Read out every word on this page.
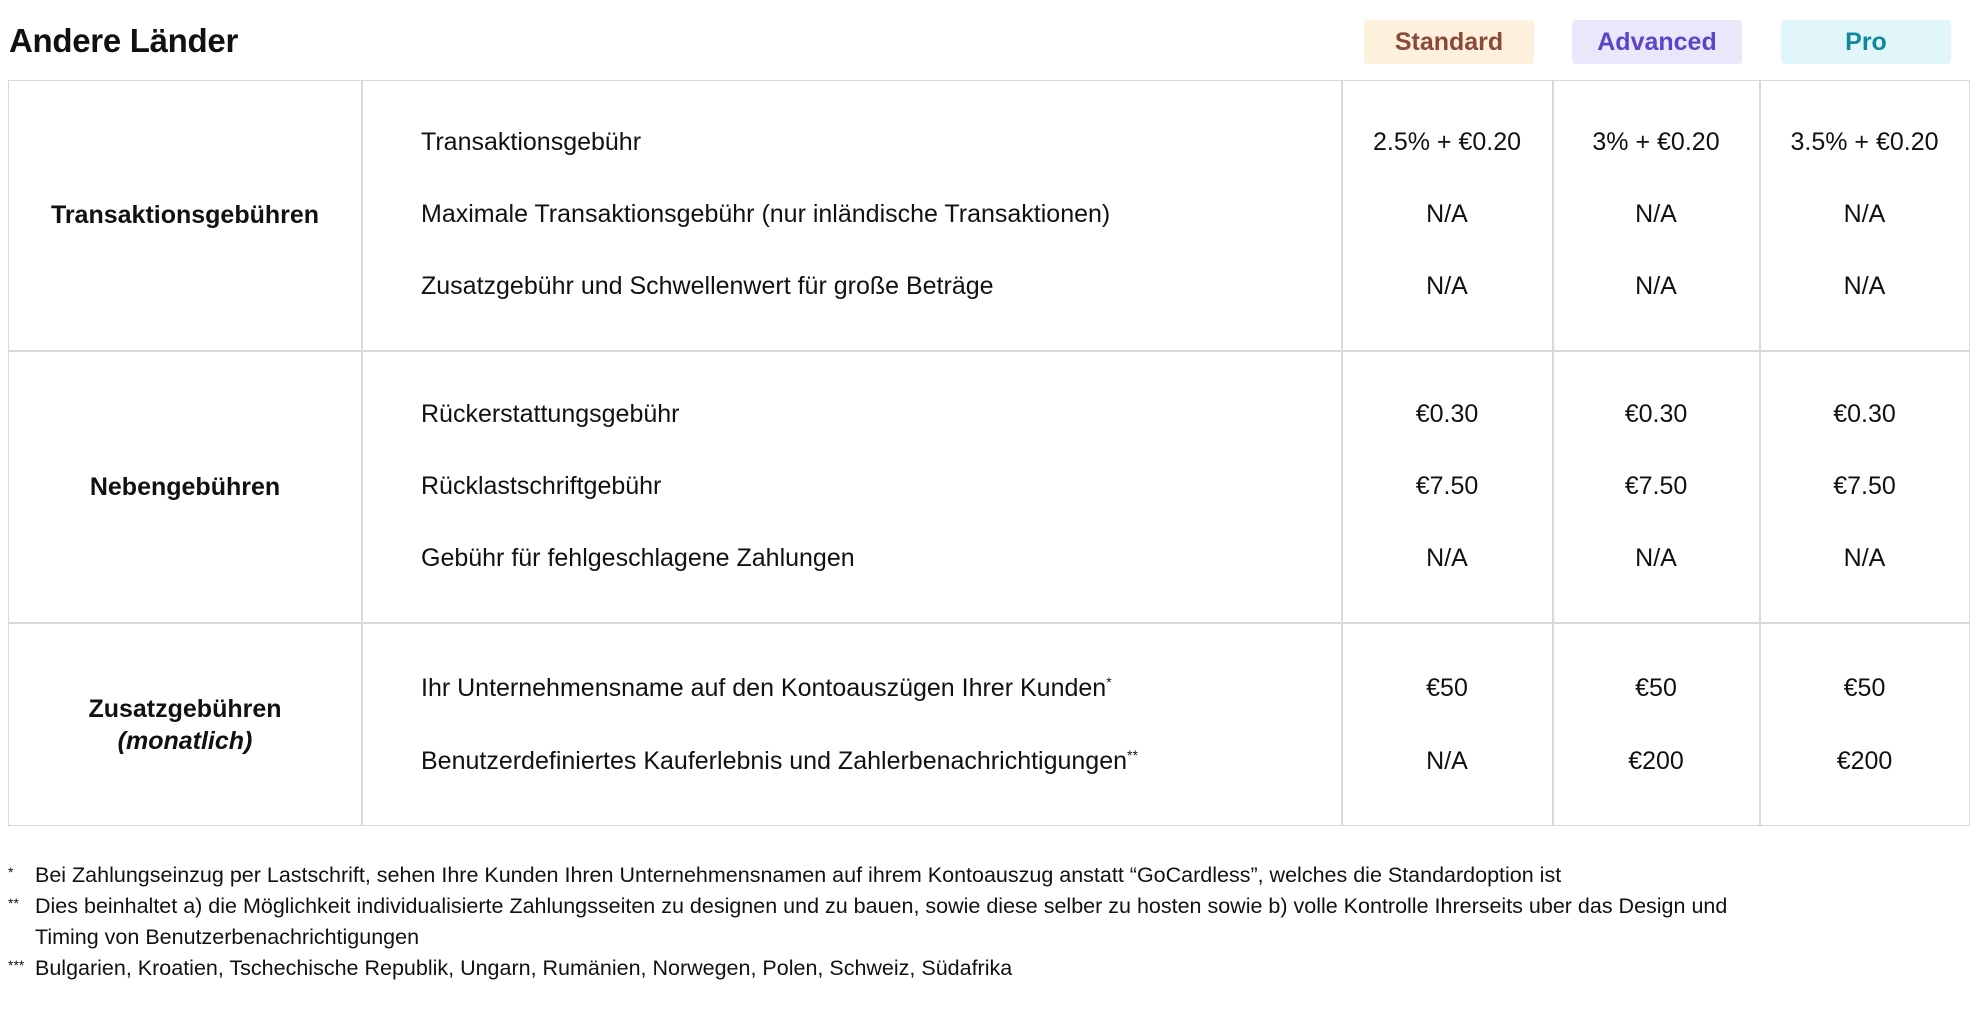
Andere Länder	Standard	Advanced	Pro
Transaktionsgebühren
Transaktionsgebühr	2.5% + €0.20	3% + €0.20	3.5% + €0.20
Maximale Transaktionsgebühr (nur inländische Transaktionen)	N/A	N/A	N/A
Zusatzgebühr und Schwellenwert für große Beträge	N/A	N/A	N/A
Nebengebühren
Rückerstattungsgebühr	€0.30	€0.30	€0.30
Rücklastschriftgebühr	€7.50	€7.50	€7.50
Gebühr für fehlgeschlagene Zahlungen	N/A	N/A	N/A
Zusatzgebühren
(monatlich)
Ihr Unternehmensname auf den Kontoauszügen Ihrer Kunden*	€50	€50	€50
Benutzerdefiniertes Kauferlebnis und Zahlerbenachrichtigungen**	N/A	€200	€200
* Bei Zahlungseinzug per Lastschrift, sehen Ihre Kunden Ihren Unternehmensnamen auf ihrem Kontoauszug anstatt “GoCardless”, welches die Standardoption ist
** Dies beinhaltet a) die Möglichkeit individualisierte Zahlungsseiten zu designen und zu bauen, sowie diese selber zu hosten sowie b) volle Kontrolle Ihrerseits uber das Design und
Timing von Benutzerbenachrichtigungen
*** Bulgarien, Kroatien, Tschechische Republik, Ungarn, Rumänien, Norwegen, Polen, Schweiz, Südafrika
